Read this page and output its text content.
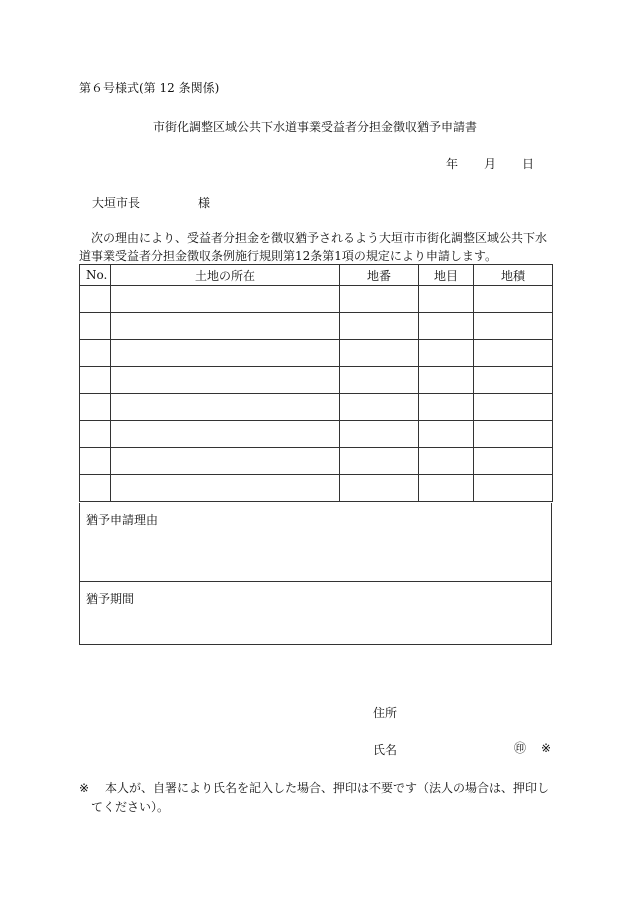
第６号様式(第 12 条関係)
市街化調整区域公共下水道事業受益者分担金徴収猶予申請書
年 月 日
大垣市長	様
次の理由により、受益者分担金を徴収猶予されるよう大垣市市街化調整区域公共下水道事業受益者分担金徴収条例施行規則第12条第1項の規定により申請します。
No.	土地の所在	地番	地目	地積

猶予申請理由
猶予期間
住所
氏名	㊞ ※
※	本人が、自署により氏名を記入した場合、押印は不要です（法人の場合は、押印してください）。
